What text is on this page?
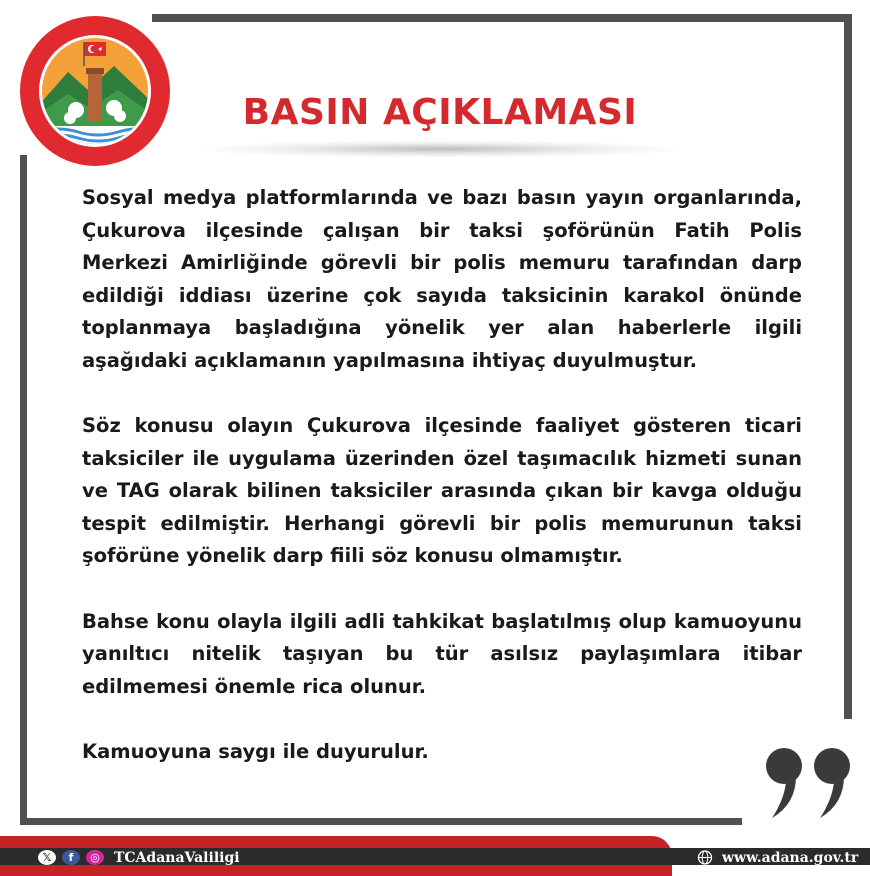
BASIN AÇIKLAMASI

Sosyal medya platformlarında ve bazı basın yayın organlarında, Çukurova ilçesinde çalışan bir taksi şoförünün Fatih Polis Merkezi Amirliğinde görevli bir polis memuru tarafından darp edildiği iddiası üzerine çok sayıda taksicinin karakol önünde toplanmaya başladığına yönelik yer alan haberlerle ilgili aşağıdaki açıklamanın yapılmasına ihtiyaç duyulmuştur.

Söz konusu olayın Çukurova ilçesinde faaliyet gösteren ticari taksiciler ile uygulama üzerinden özel taşımacılık hizmeti sunan ve TAG olarak bilinen taksiciler arasında çıkan bir kavga olduğu tespit edilmiştir. Herhangi görevli bir polis memurunun taksi şoförüne yönelik darp fiili söz konusu olmamıştır.

Bahse konu olayla ilgili adli tahkikat başlatılmış olup kamuoyunu yanıltıcı nitelik taşıyan bu tür asılsız paylaşımlara itibar edilmemesi önemle rica olunur.

Kamuoyuna saygı ile duyurulur.

𝕏	f	◎	TCAdanaValiligi	www.adana.gov.tr
